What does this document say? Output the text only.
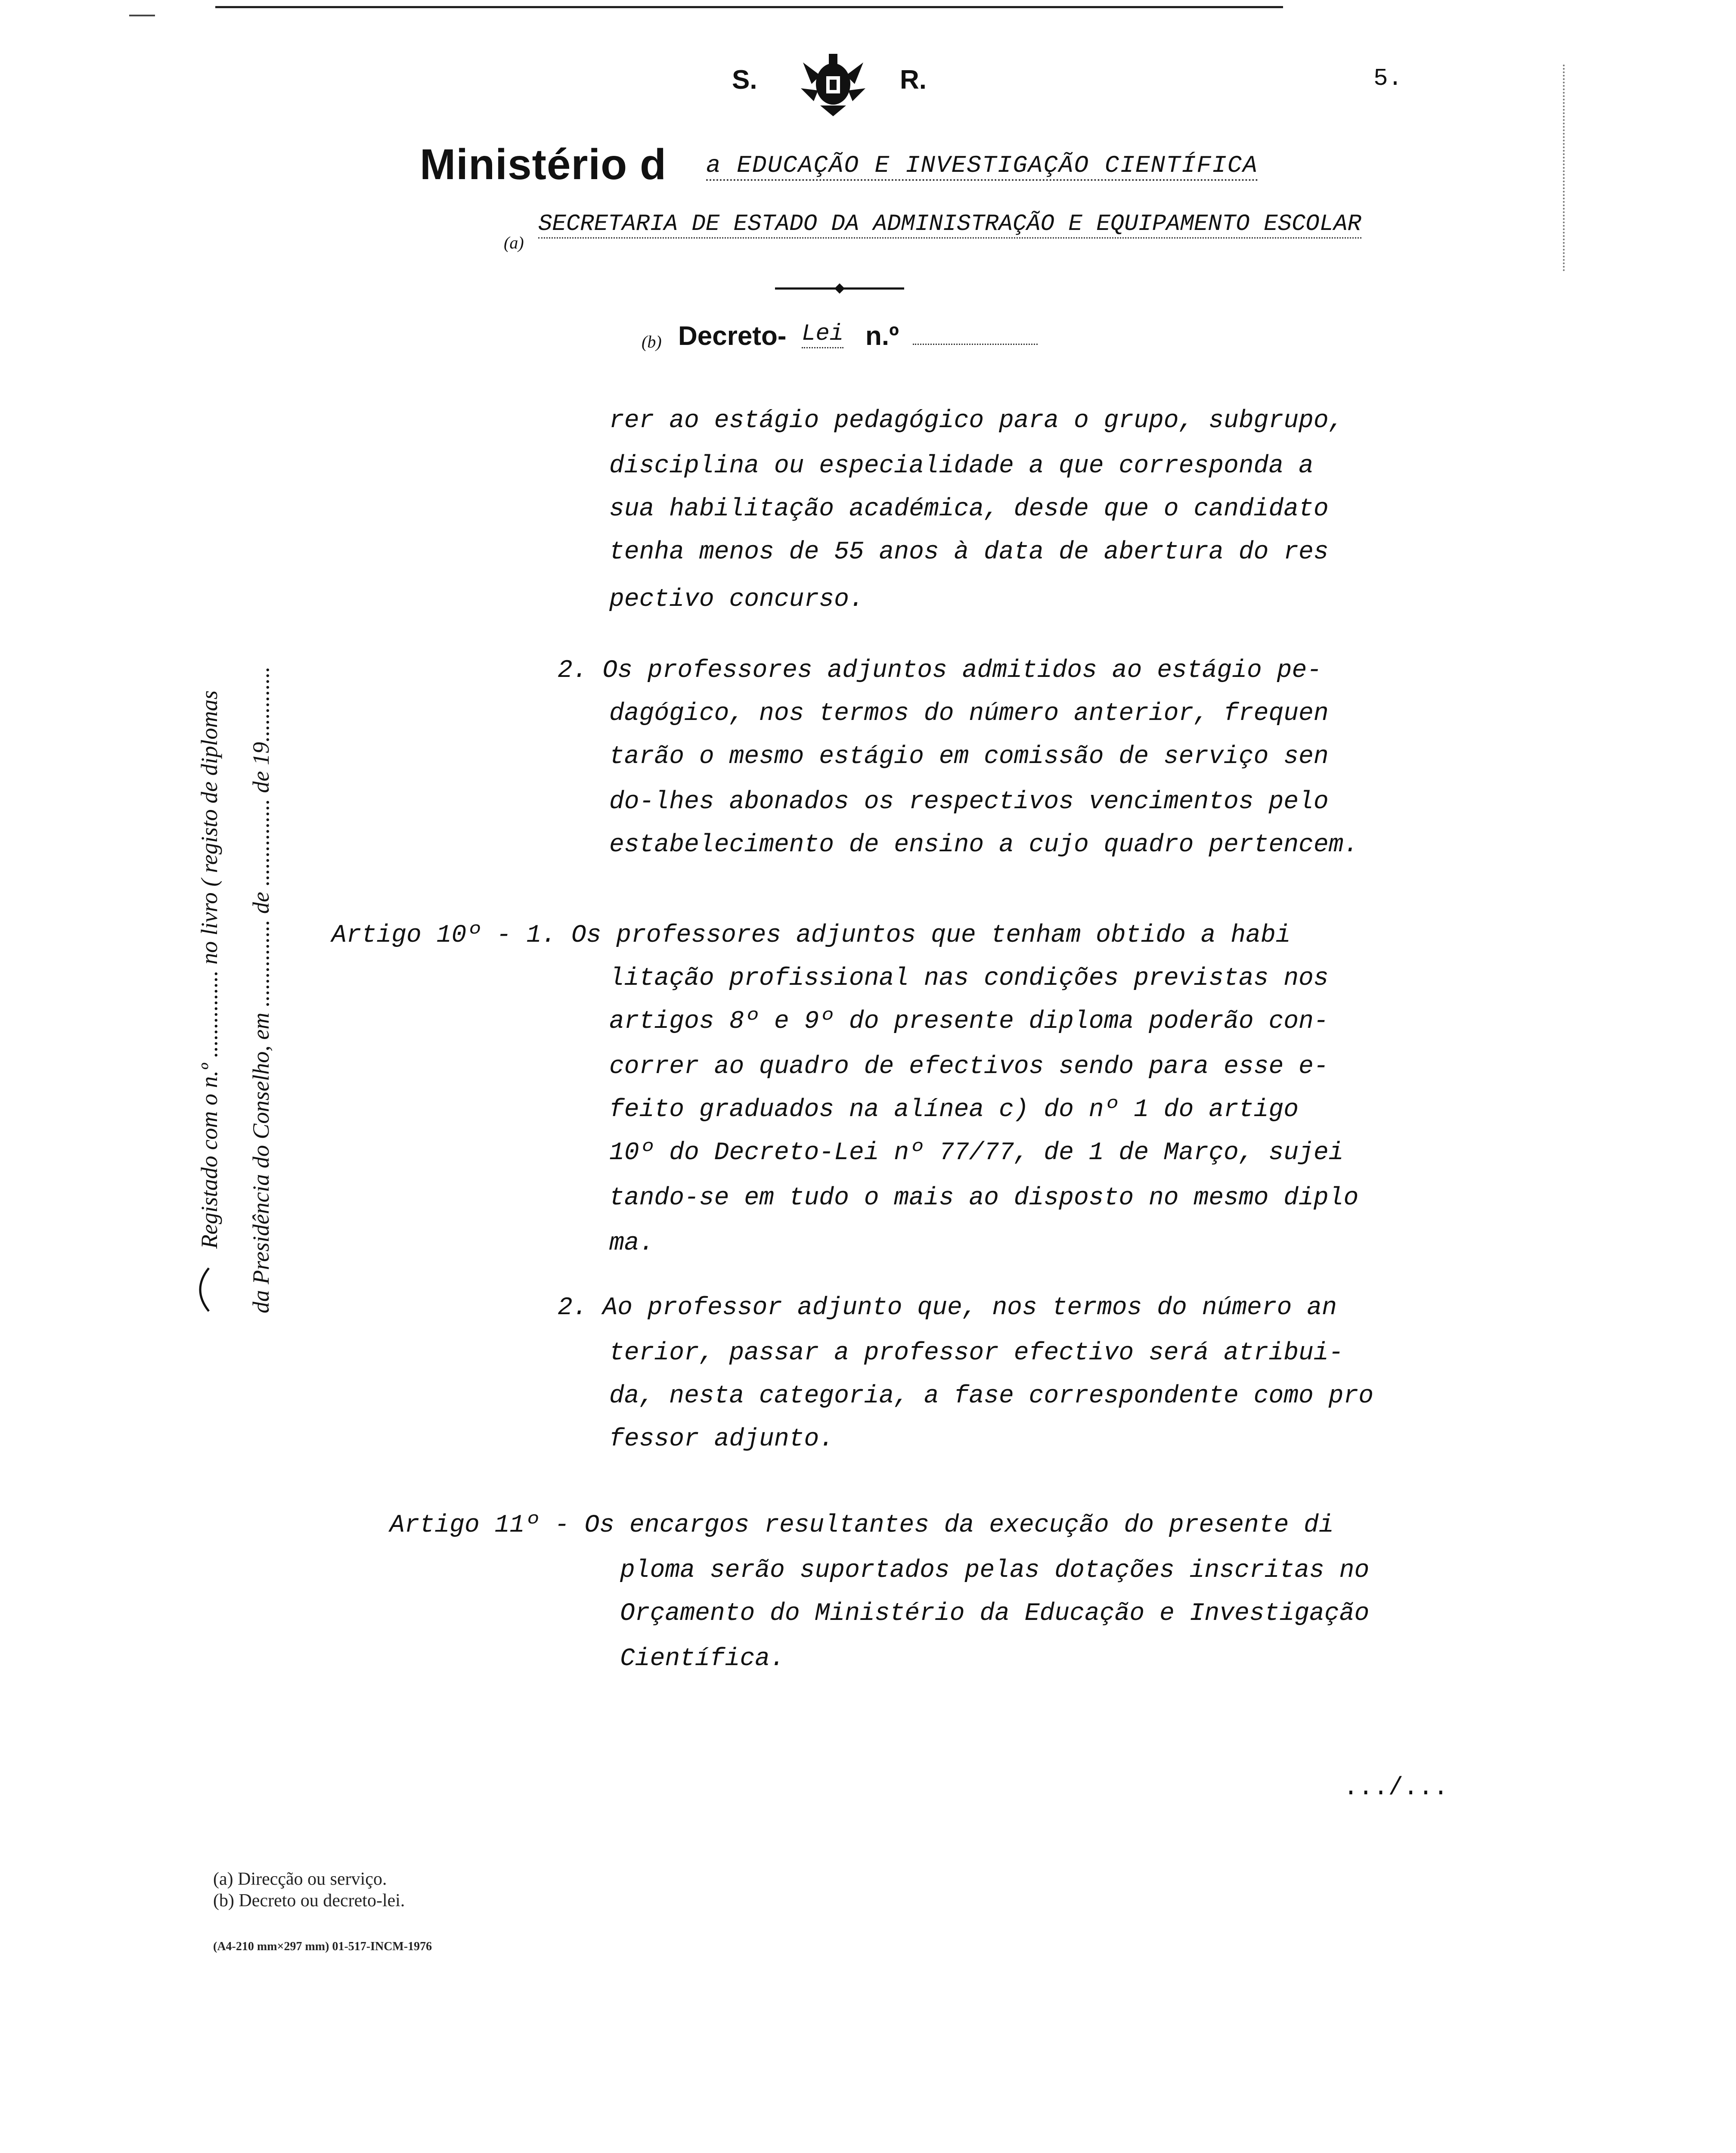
S.	R.	5.
Ministério d a EDUCAÇÃO E INVESTIGAÇÃO CIENTÍFICA
(a)
SECRETARIA DE ESTADO DA ADMINISTRAÇÃO E EQUIPAMENTO ESCOLAR
(b) Decreto- Lei n.º
Registado com o n.º ............... no livro ( registo de diplomas da Presidência do Conselho, em ............... de ............... de 19.............
rer ao estágio pedagógico para o grupo, subgrupo,
disciplina ou especialidade a que corresponda a
sua habilitação académica, desde que o candidato
tenha menos de 55 anos à data de abertura do res
pectivo concurso.
2. Os professores adjuntos admitidos ao estágio pe-
dagógico, nos termos do número anterior, frequen
tarão o mesmo estágio em comissão de serviço sen
do-lhes abonados os respectivos vencimentos pelo
estabelecimento de ensino a cujo quadro pertencem.
Artigo 10º - 1. Os professores adjuntos que tenham obtido a habi
litação profissional nas condições previstas nos
artigos 8º e 9º do presente diploma poderão con-
correr ao quadro de efectivos sendo para esse e-
feito graduados na alínea c) do nº 1 do artigo
10º do Decreto-Lei nº 77/77, de 1 de Março, sujei
tando-se em tudo o mais ao disposto no mesmo diplo
ma.
2. Ao professor adjunto que, nos termos do número an
terior, passar a professor efectivo será atribui-
da, nesta categoria, a fase correspondente como pro
fessor adjunto.
Artigo 11º - Os encargos resultantes da execução do presente di
ploma serão suportados pelas dotações inscritas no
Orçamento do Ministério da Educação e Investigação
Científica.
.../...
(a) Direcção ou serviço.
(b) Decreto ou decreto-lei.
(A4-210 mm×297 mm) 01-517-INCM-1976
